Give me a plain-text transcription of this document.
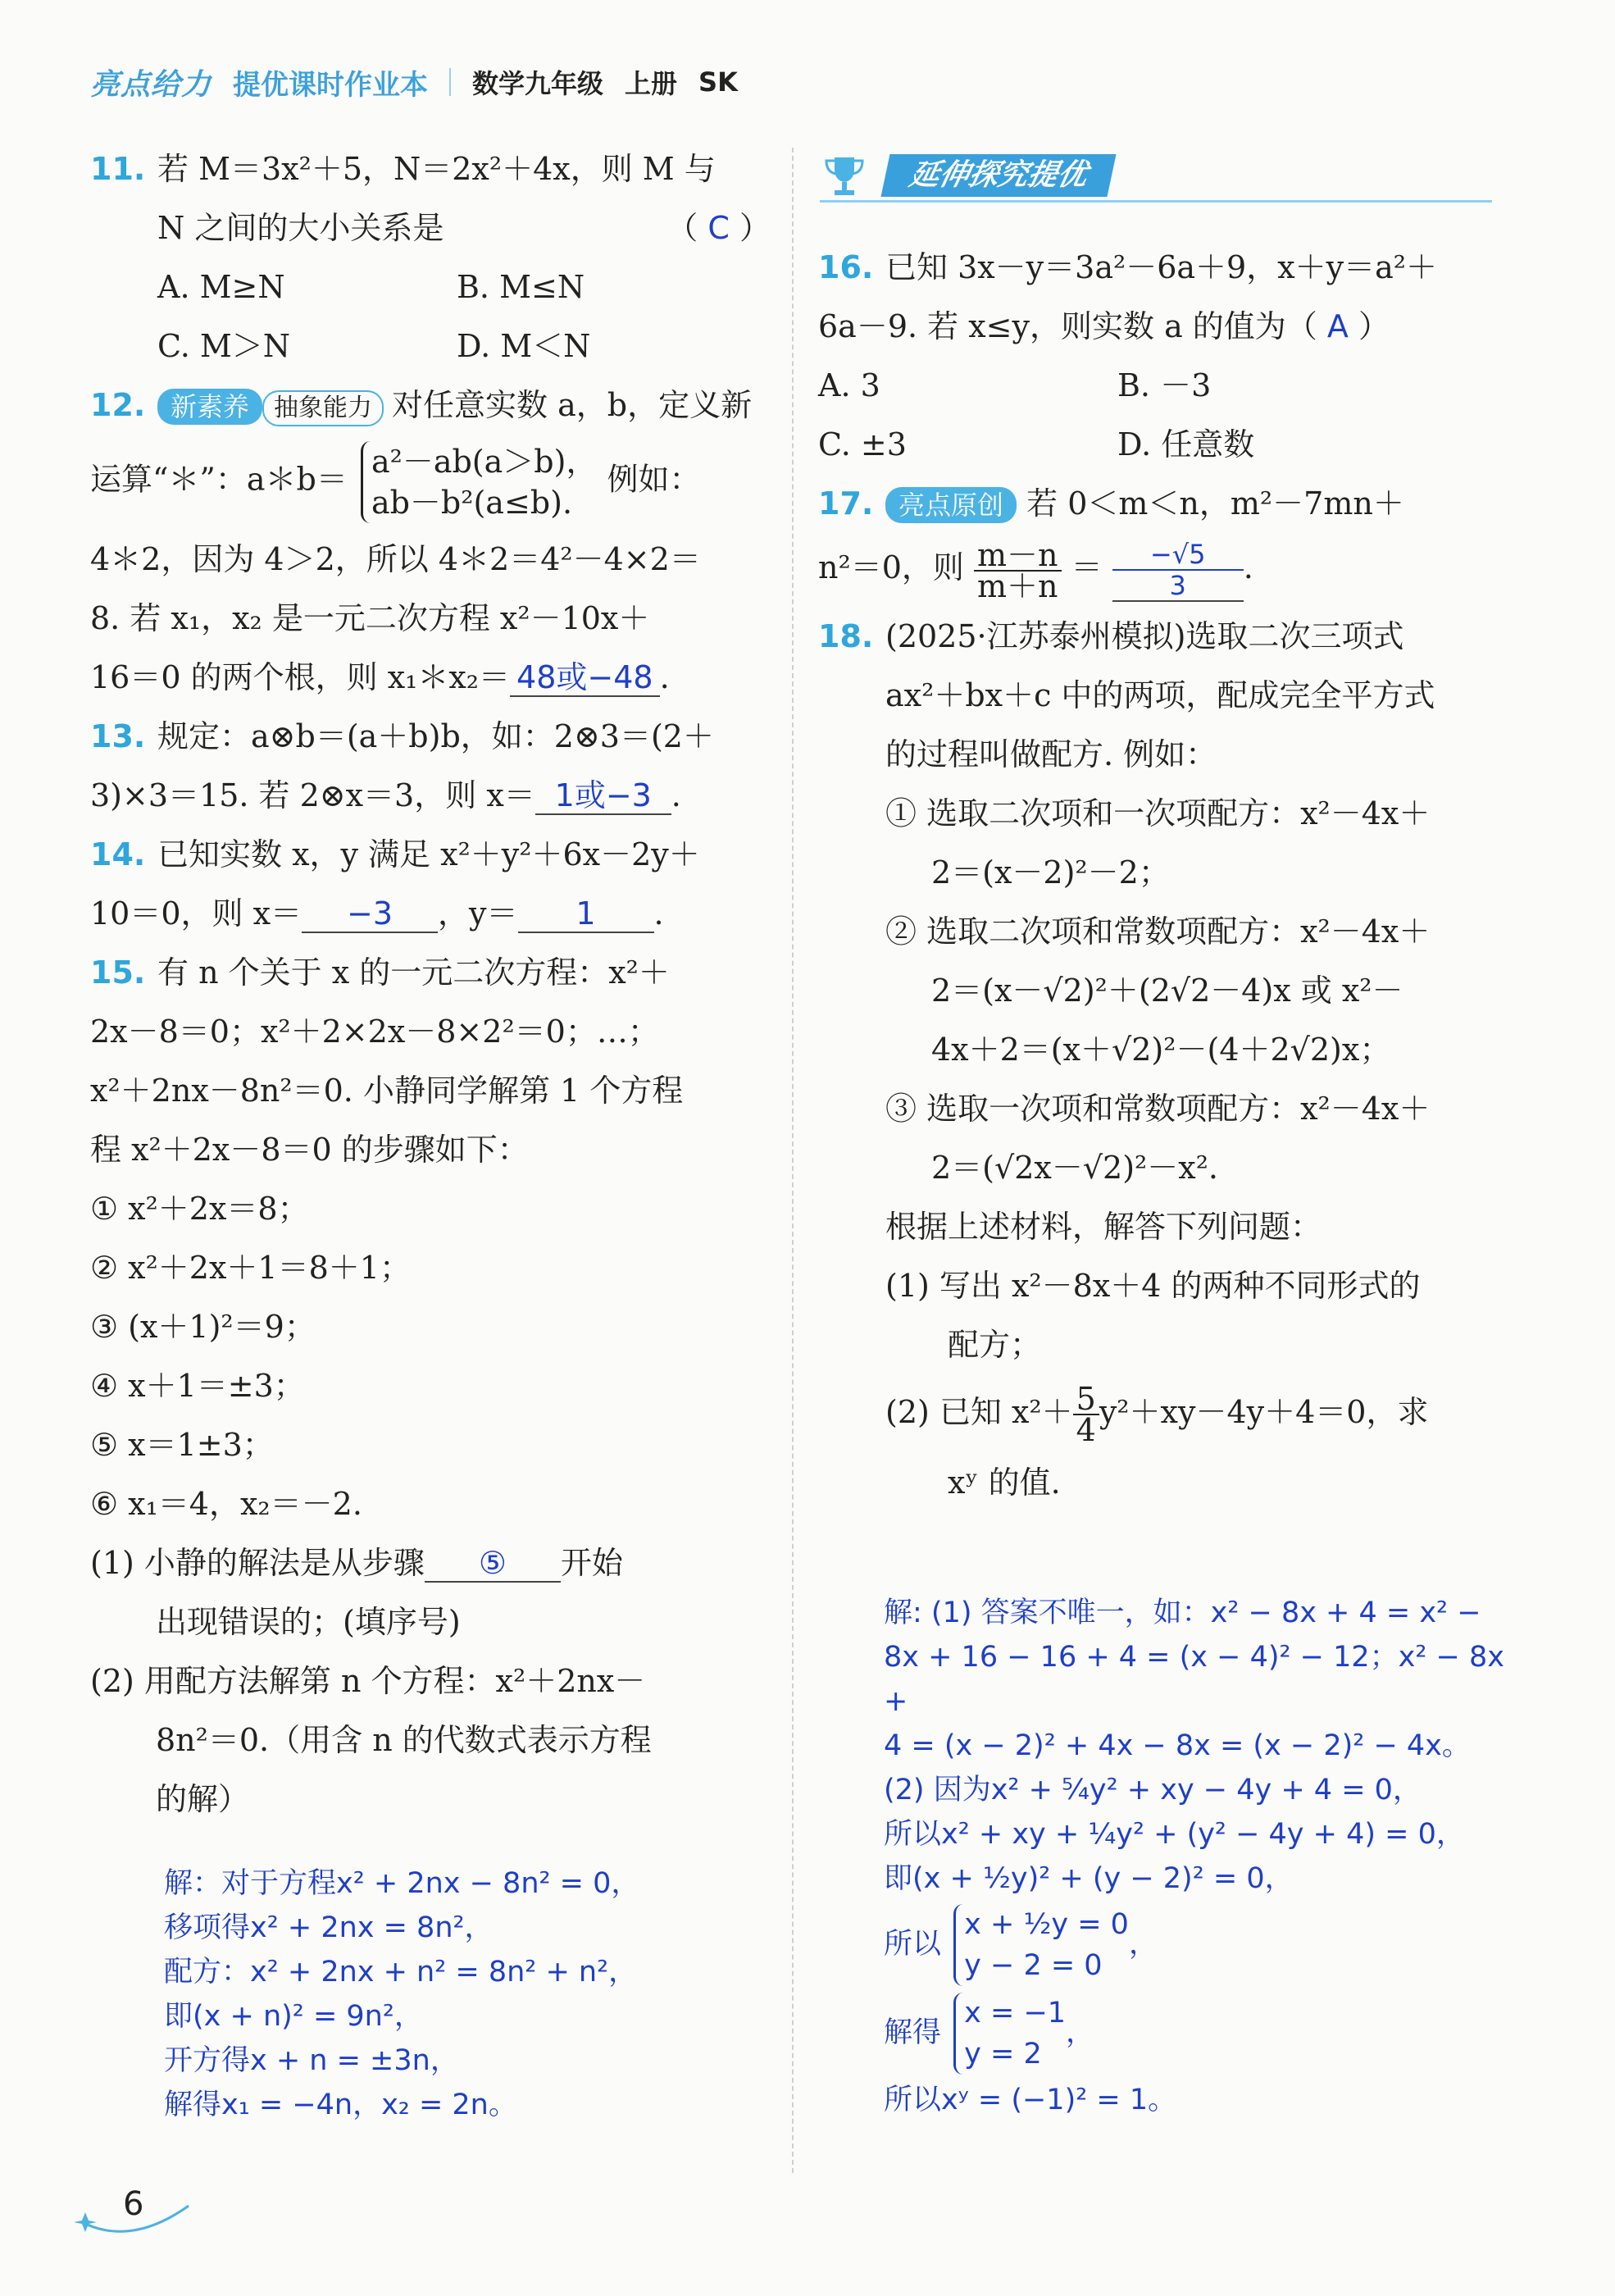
亮点给力 提优课时作业本 数学九年级 上册 SK
11. 若 M＝3x²＋5，N＝2x²＋4x，则 M 与
N 之间的大小关系是	（ C ）
A. M≥N	B. M≤N
C. M＞N	D. M＜N
12. 新素养 抽象能力 对任意实数 a，b，定义新
运算“＊”：a＊b＝ a²－ab(a＞b)，
ab－b²(a≤b).
例如：
4＊2，因为 4＞2，所以 4＊2＝4²－4×2＝
8. 若 x₁，x₂ 是一元二次方程 x²－10x＋
16＝0 的两个根，则 x₁＊x₂＝ 48或−48 .
13. 规定：a⊗b＝(a＋b)b，如：2⊗3＝(2＋
3)×3＝15. 若 2⊗x＝3，则 x＝ 1或−3 .
14. 已知实数 x，y 满足 x²＋y²＋6x－2y＋
10＝0，则 x＝ −3 ，y＝ 1 .
15. 有 n 个关于 x 的一元二次方程：x²＋
2x－8＝0；x²＋2×2x－8×2²＝0；…；
x²＋2nx－8n²＝0. 小静同学解第 1 个方程
程 x²＋2x－8＝0 的步骤如下：
① x²＋2x＝8；
② x²＋2x＋1＝8＋1；
③ (x＋1)²＝9；
④ x＋1＝±3；
⑤ x＝1±3；
⑥ x₁＝4，x₂＝－2.
(1) 小静的解法是从步骤 ⑤ 开始
出现错误的；(填序号)
(2) 用配方法解第 n 个方程：x²＋2nx－
8n²＝0.（用含 n 的代数式表示方程
的解）
解：对于方程x² + 2nx − 8n² = 0，
移项得x² + 2nx = 8n²，
配方：x² + 2nx + n² = 8n² + n²，
即(x + n)² = 9n²，
开方得x + n = ±3n，
解得x₁ = −4n，x₂ = 2n。
延伸探究提优
16. 已知 3x－y＝3a²－6a＋9，x＋y＝a²＋
6a－9. 若 x≤y，则实数 a 的值为（ A ）
A. 3	B. －3
C. ±3	D. 任意数
17. 亮点原创 若 0＜m＜n，m²－7mn＋
n²＝0，则 $\frac{m-n}{m+n} = \frac{-√5}{3}$ .
18. (2025·江苏泰州模拟)选取二次三项式
ax²＋bx＋c 中的两项，配成完全平方式
的过程叫做配方. 例如：
① 选取二次项和一次项配方：x²－4x＋
2＝(x－2)²－2；
② 选取二次项和常数项配方：x²－4x＋
2＝(x－√2)²＋(2√2－4)x 或 x²－
4x＋2＝(x＋√2)²－(4＋2√2)x；
③ 选取一次项和常数项配方：x²－4x＋
2＝(√2x－√2)²－x².
根据上述材料，解答下列问题：
(1) 写出 x²－8x＋4 的两种不同形式的
配方；
(2) 已知 $x^2+ \frac{5}{4} y^2+xy-4y+4=0$，求
xʸ 的值.
解: (1) 答案不唯一，如：x² − 8x + 4 = x² −
8x + 16 − 16 + 4 = (x − 4)² − 12；x² − 8x +
4 = (x − 2)² + 4x − 8x = (x − 2)² − 4x。
(2) 因为x² + ⁵⁄₄y² + xy − 4y + 4 = 0，
所以x² + xy + ¼y² + (y² − 4y + 4) = 0，
即(x + ½y)² + (y − 2)² = 0，
所以
x + ½y = 0
y − 2 = 0
，
解得
x = −1
y = 2
，
所以xʸ = (−1)² = 1。
6
